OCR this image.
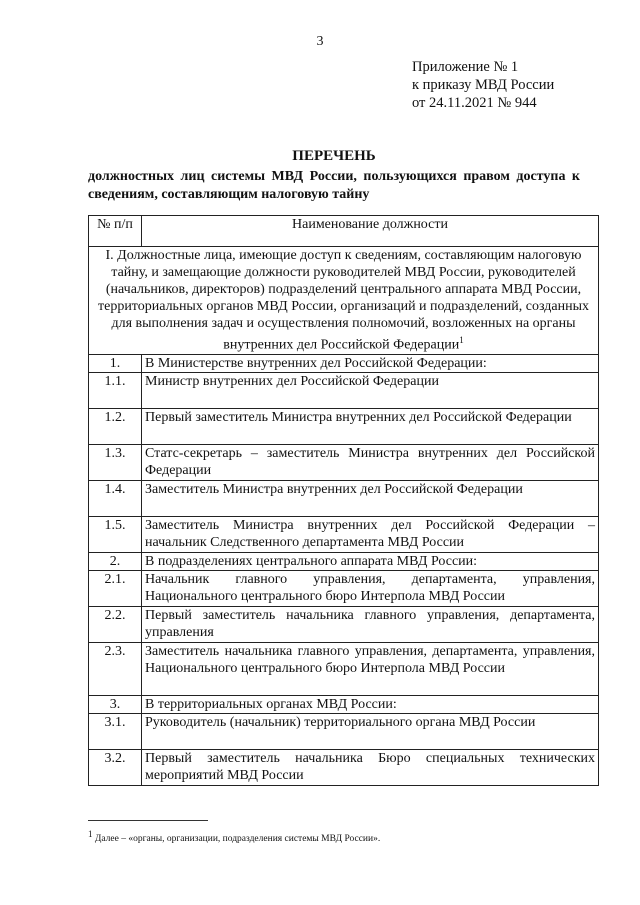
3
Приложение № 1
к приказу МВД России
от 24.11.2021 № 944
ПЕРЕЧЕНЬ
должностных лиц системы МВД России, пользующихся правом доступа к сведениям, составляющим налоговую тайну
№ п/п	Наименование должности
I. Должностные лица, имеющие доступ к сведениям, составляющим налоговую тайну, и замещающие должности руководителей МВД России, руководителей (начальников, директоров) подразделений центрального аппарата МВД России, территориальных органов МВД России, организаций и подразделений, созданных для выполнения задач и осуществления полномочий, возложенных на органы внутренних дел Российской Федерации$^1$
1.	В Министерстве внутренних дел Российской Федерации:
1.1.	Министр внутренних дел Российской Федерации
1.2.	Первый заместитель Министра внутренних дел Российской Федерации
1.3.	Статс-секретарь – заместитель Министра внутренних дел Российской Федерации
1.4.	Заместитель Министра внутренних дел Российской Федерации
1.5.	Заместитель Министра внутренних дел Российской Федерации – начальник Следственного департамента МВД России
2.	В подразделениях центрального аппарата МВД России:
2.1.	Начальник главного управления, департамента, управления, Национального центрального бюро Интерпола МВД России
2.2.	Первый заместитель начальника главного управления, департамента, управления
2.3.	Заместитель начальника главного управления, департамента, управления, Национального центрального бюро Интерпола МВД России
3.	В территориальных органах МВД России:
3.1.	Руководитель (начальник) территориального органа МВД России
3.2.	Первый заместитель начальника Бюро специальных технических мероприятий МВД России
$^1$ Далее – «органы, организации, подразделения системы МВД России».
